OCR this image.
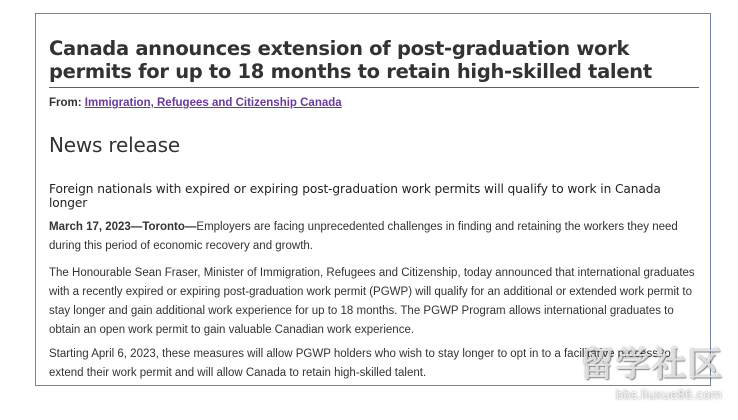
Canada announces extension of post-graduation work permits for up to 18 months to retain high-skilled talent
From: Immigration, Refugees and Citizenship Canada
News release
Foreign nationals with expired or expiring post-graduation work permits will qualify to work in Canada longer

March 17, 2023—Toronto—Employers are facing unprecedented challenges in finding and retaining the workers they need during this period of economic recovery and growth.

The Honourable Sean Fraser, Minister of Immigration, Refugees and Citizenship, today announced that international graduates with a recently expired or expiring post-graduation work permit (PGWP) will qualify for an additional or extended work permit to stay longer and gain additional work experience for up to 18 months. The PGWP Program allows international graduates to obtain an open work permit to gain valuable Canadian work experience.

Starting April 6, 2023, these measures will allow PGWP holders who wish to stay longer to opt in to a facilitative process to extend their work permit and will allow Canada to retain high-skilled talent.	留学社区
bbs.liuxue86.com
